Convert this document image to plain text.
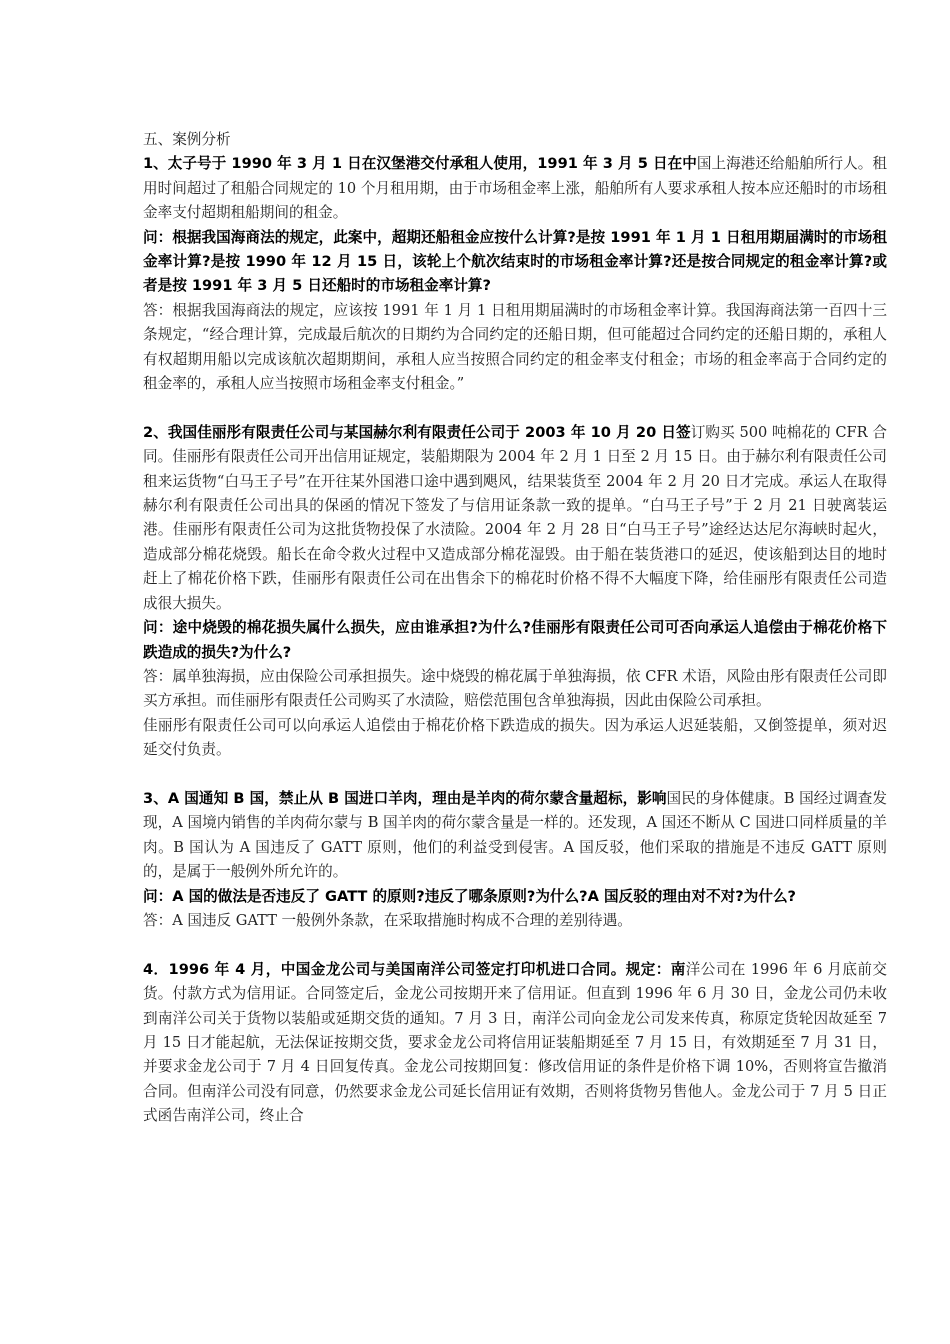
五、案例分析

1、太子号于 1990 年 3 月 1 日在汉堡港交付承租人使用，1991 年 3 月 5 日在中国上海港还给船舶所行人。租用时间超过了租船合同规定的 10 个月租用期，由于市场租金率上涨，船舶所有人要求承租人按本应还船时的市场租金率支付超期租船期间的租金。

问：根据我国海商法的规定，此案中，超期还船租金应按什么计算?是按 1991 年 1 月 1 日租用期届满时的市场租金率计算?是按 1990 年 12 月 15 日，该轮上个航次结束时的市场租金率计算?还是按合同规定的租金率计算?或者是按 1991 年 3 月 5 日还船时的市场租金率计算?

答：根据我国海商法的规定，应该按 1991 年 1 月 1 日租用期届满时的市场租金率计算。我国海商法第一百四十三条规定，“经合理计算，完成最后航次的日期约为合同约定的还船日期，但可能超过合同约定的还船日期的，承租人有权超期用船以完成该航次超期期间，承租人应当按照合同约定的租金率支付租金；市场的租金率高于合同约定的租金率的，承租人应当按照市场租金率支付租金。”

2、我国佳丽彤有限责任公司与某国赫尔利有限责任公司于 2003 年 10 月 20 日签订购买 500 吨棉花的 CFR 合同。佳丽彤有限责任公司开出信用证规定，装船期限为 2004 年 2 月 1 日至 2 月 15 日。由于赫尔利有限责任公司租来运货物“白马王子号”在开往某外国港口途中遇到飓风，结果装货至 2004 年 2 月 20 日才完成。承运人在取得赫尔利有限责任公司出具的保函的情况下签发了与信用证条款一致的提单。“白马王子号”于 2 月 21 日驶离装运港。佳丽彤有限责任公司为这批货物投保了水渍险。2004 年 2 月 28 日“白马王子号”途经达达尼尔海峡时起火，造成部分棉花烧毁。船长在命令救火过程中又造成部分棉花湿毁。由于船在装货港口的延迟，使该船到达目的地时赶上了棉花价格下跌，佳丽彤有限责任公司在出售余下的棉花时价格不得不大幅度下降，给佳丽彤有限责任公司造成很大损失。

问：途中烧毁的棉花损失属什么损失，应由谁承担?为什么?佳丽彤有限责任公司可否向承运人追偿由于棉花价格下跌造成的损失?为什么?

答：属单独海损，应由保险公司承担损失。途中烧毁的棉花属于单独海损，依 CFR 术语，风险由彤有限责任公司即买方承担。而佳丽彤有限责任公司购买了水渍险，赔偿范围包含单独海损，因此由保险公司承担。

佳丽彤有限责任公司可以向承运人追偿由于棉花价格下跌造成的损失。因为承运人迟延装船，又倒签提单，须对迟延交付负责。

3、A 国通知 B 国，禁止从 B 国进口羊肉，理由是羊肉的荷尔蒙含量超标，影响国民的身体健康。B 国经过调查发现，A 国境内销售的羊肉荷尔蒙与 B 国羊肉的荷尔蒙含量是一样的。还发现，A 国还不断从 C 国进口同样质量的羊肉。B 国认为 A 国违反了 GATT 原则，他们的利益受到侵害。A 国反驳，他们采取的措施是不违反 GATT 原则的，是属于一般例外所允许的。

问：A 国的做法是否违反了 GATT 的原则?违反了哪条原则?为什么?A 国反驳的理由对不对?为什么?

答：A 国违反 GATT 一般例外条款，在采取措施时构成不合理的差别待遇。

4．1996 年 4 月，中国金龙公司与美国南洋公司签定打印机进口合同。规定：南洋公司在 1996 年 6 月底前交货。付款方式为信用证。合同签定后，金龙公司按期开来了信用证。但直到 1996 年 6 月 30 日，金龙公司仍未收到南洋公司关于货物以装船或延期交货的通知。7 月 3 日，南洋公司向金龙公司发来传真，称原定货轮因故延至 7 月 15 日才能起航，无法保证按期交货，要求金龙公司将信用证装船期延至 7 月 15 日，有效期延至 7 月 31 日，并要求金龙公司于 7 月 4 日回复传真。金龙公司按期回复：修改信用证的条件是价格下调 10%，否则将宣告撤消合同。但南洋公司没有同意，仍然要求金龙公司延长信用证有效期，否则将货物另售他人。金龙公司于 7 月 5 日正式函告南洋公司，终止合
